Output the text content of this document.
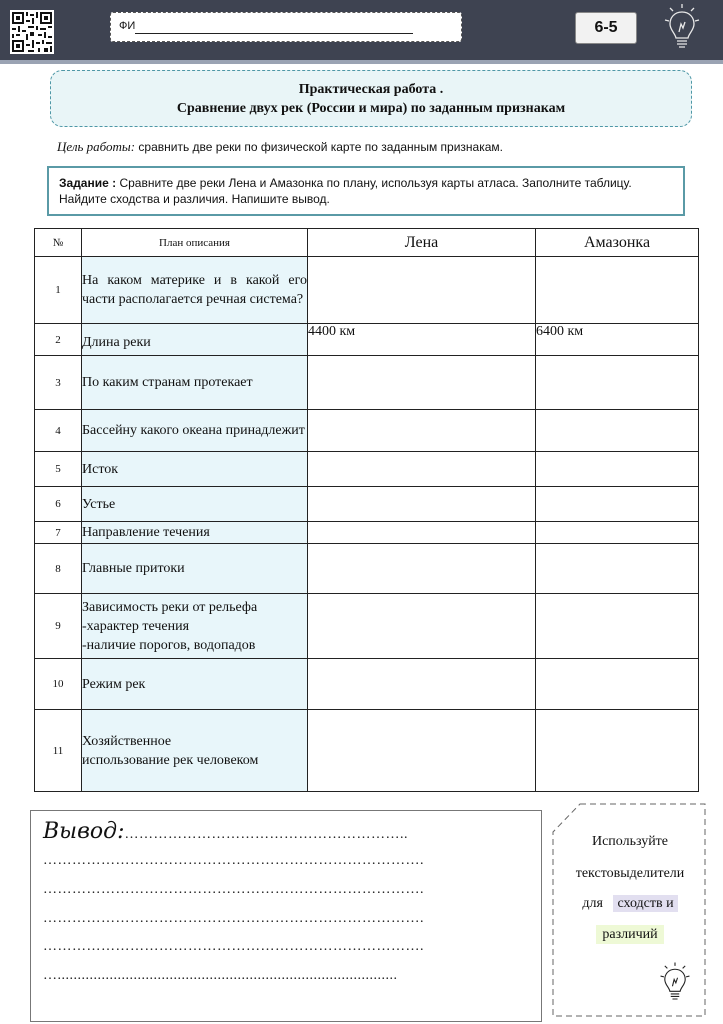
ФИ	6-5
Практическая работа .
Сравнение двух рек (России и мира) по заданным признакам
Цель работы: сравнить две реки по физической карте по заданным признакам.
Задание : Сравните две реки Лена и Амазонка по плану, используя карты атласа. Заполните таблицу. Найдите сходства и различия. Напишите вывод.
№	План описания	Лена	Амазонка
1	На каком материке и в какой его части располагается речная система?		
2	Длина реки	4400 км	6400 км
3	По каким странам протекает		
4	Бассейну какого океана принадлежит		
5	Исток		
6	Устье		
7	Направление течения		
8	Главные притоки		
9	Зависимость реки от рельефа
-характер течения
-наличие порогов, водопадов		

10	Режим рек		
11	Хозяйственное
использование рек человеком		

Вывод:…………………………………………………..
…………………………………………………………………….
…………………………………………………………………….
…………………………………………………………………….
…………………………………………………………………….
….....................................................................................
Используйте
текстовыделители
для сходств и
различий
